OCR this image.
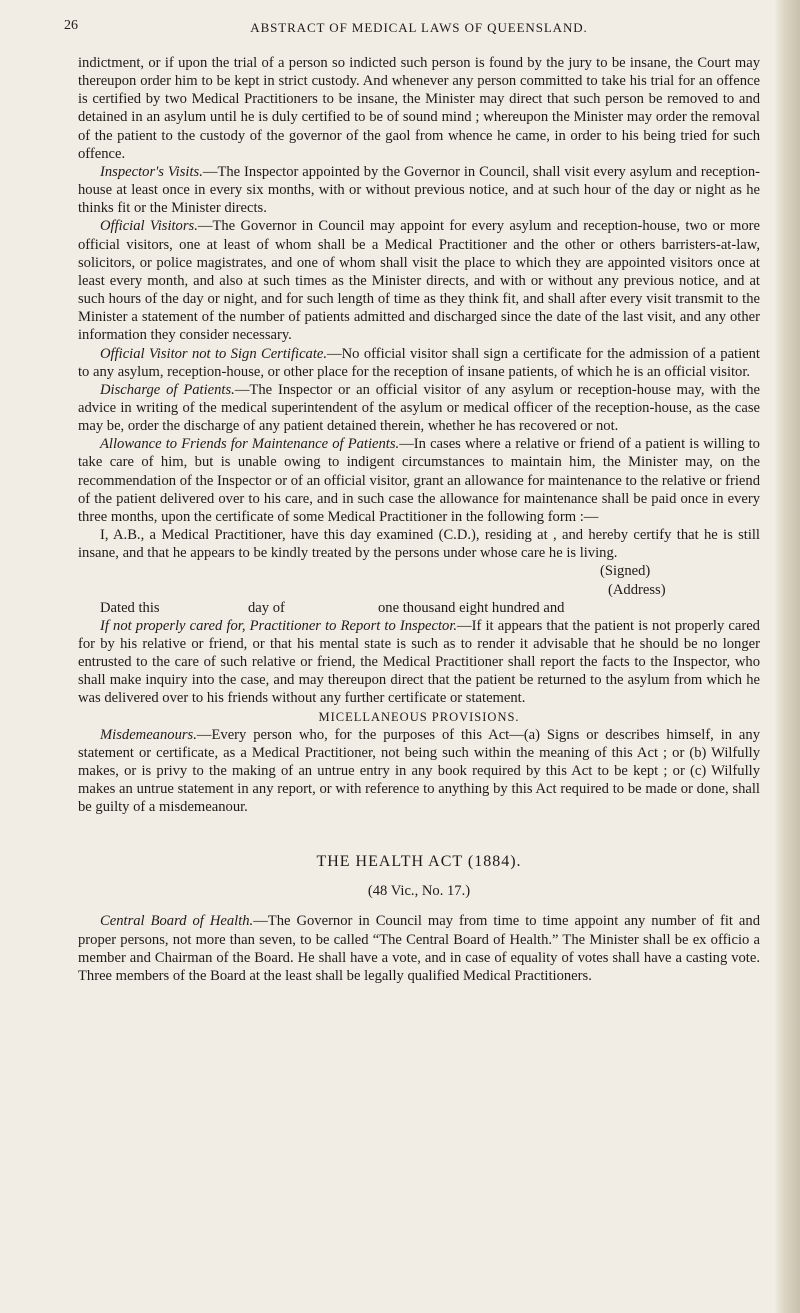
26	ABSTRACT OF MEDICAL LAWS OF QUEENSLAND.

indictment, or if upon the trial of a person so indicted such person is found by the jury to be insane, the Court may thereupon order him to be kept in strict custody. And whenever any person committed to take his trial for an offence is certified by two Medical Practitioners to be insane, the Minister may direct that such person be removed to and detained in an asylum until he is duly certified to be of sound mind ; whereupon the Minister may order the removal of the patient to the custody of the governor of the gaol from whence he came, in order to his being tried for such offence.

Inspector's Visits.—The Inspector appointed by the Governor in Council, shall visit every asylum and reception-house at least once in every six months, with or without previous notice, and at such hour of the day or night as he thinks fit or the Minister directs.

Official Visitors.—The Governor in Council may appoint for every asylum and reception-house, two or more official visitors, one at least of whom shall be a Medical Practitioner and the other or others barristers-at-law, solicitors, or police magistrates, and one of whom shall visit the place to which they are appointed visitors once at least every month, and also at such times as the Minister directs, and with or without any previous notice, and at such hours of the day or night, and for such length of time as they think fit, and shall after every visit transmit to the Minister a statement of the number of patients admitted and discharged since the date of the last visit, and any other information they consider necessary.

Official Visitor not to Sign Certificate.—No official visitor shall sign a certificate for the admission of a patient to any asylum, reception-house, or other place for the reception of insane patients, of which he is an official visitor.

Discharge of Patients.—The Inspector or an official visitor of any asylum or reception-house may, with the advice in writing of the medical superintendent of the asylum or medical officer of the reception-house, as the case may be, order the discharge of any patient detained therein, whether he has recovered or not.

Allowance to Friends for Maintenance of Patients.—In cases where a relative or friend of a patient is willing to take care of him, but is unable owing to indigent circumstances to maintain him, the Minister may, on the recommendation of the Inspector or of an official visitor, grant an allowance for maintenance to the relative or friend of the patient delivered over to his care, and in such case the allowance for maintenance shall be paid once in every three months, upon the certificate of some Medical Practitioner in the following form :—

I, A.B., a Medical Practitioner, have this day examined (C.D.), residing at , and hereby certify that he is still insane, and that he appears to be kindly treated by the persons under whose care he is living.

(Signed)
(Address)
Dated this	day of	one thousand eight hundred and

If not properly cared for, Practitioner to Report to Inspector.—If it appears that the patient is not properly cared for by his relative or friend, or that his mental state is such as to render it advisable that he should be no longer entrusted to the care of such relative or friend, the Medical Practitioner shall report the facts to the Inspector, who shall make inquiry into the case, and may thereupon direct that the patient be returned to the asylum from which he was delivered over to his friends without any further certificate or statement.

MICELLANEOUS PROVISIONS.

Misdemeanours.—Every person who, for the purposes of this Act—(a) Signs or describes himself, in any statement or certificate, as a Medical Practitioner, not being such within the meaning of this Act ; or (b) Wilfully makes, or is privy to the making of an untrue entry in any book required by this Act to be kept ; or (c) Wilfully makes an untrue statement in any report, or with reference to anything by this Act required to be made or done, shall be guilty of a misdemeanour.

THE HEALTH ACT (1884).
(48 Vic., No. 17.)

Central Board of Health.—The Governor in Council may from time to time appoint any number of fit and proper persons, not more than seven, to be called “The Central Board of Health.” The Minister shall be ex officio a member and Chairman of the Board. He shall have a vote, and in case of equality of votes shall have a casting vote. Three members of the Board at the least shall be legally qualified Medical Practitioners.
